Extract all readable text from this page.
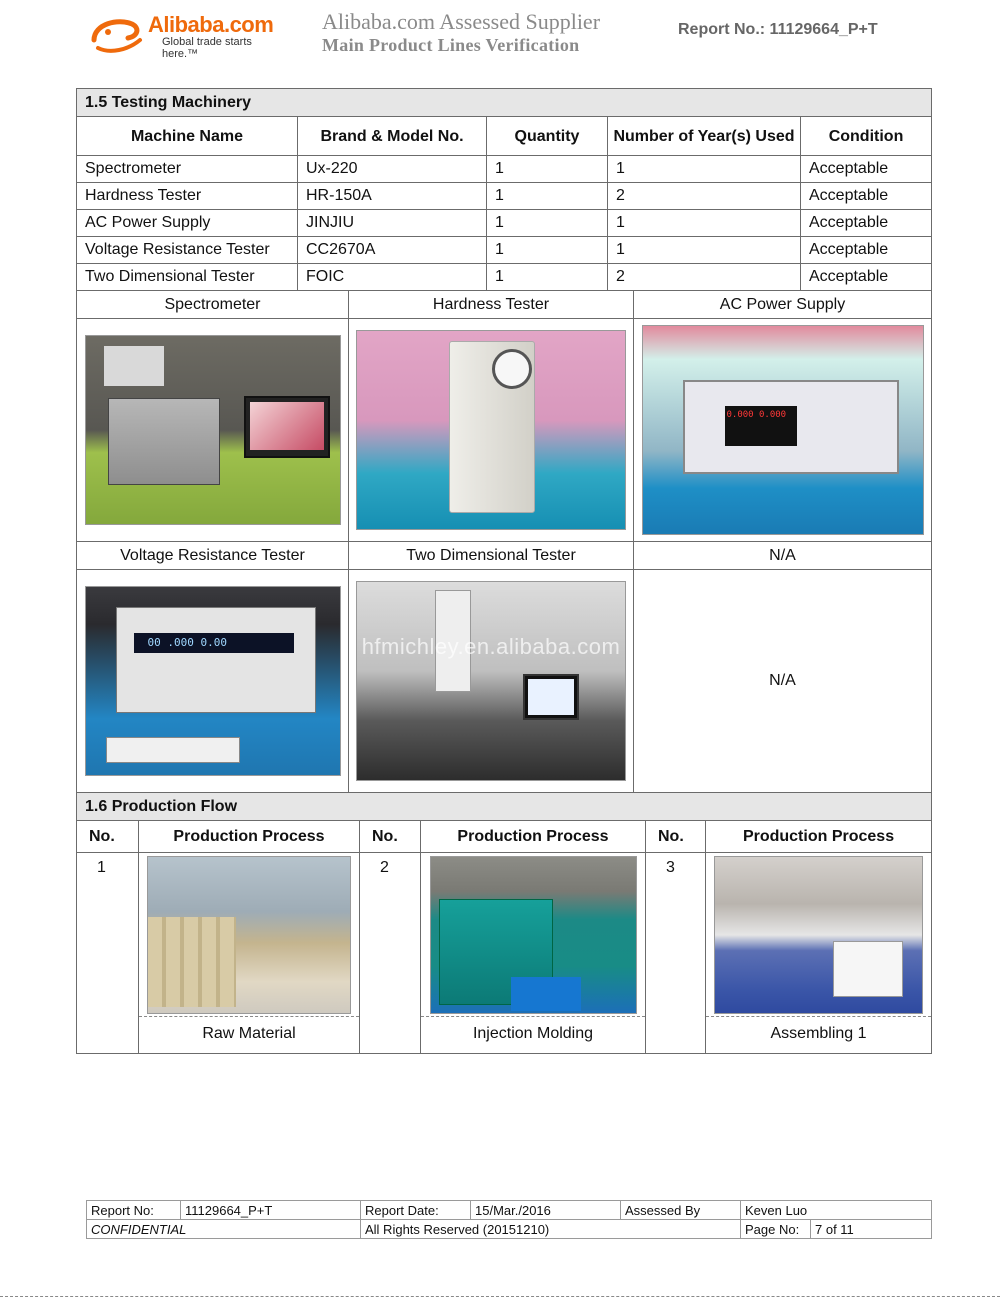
Alibaba.com
Global trade starts here.™
Alibaba.com Assessed Supplier
Main Product Lines Verification
Report No.: 11129664_P+T
1.5 Testing Machinery				
Machine Name	Brand & Model No.	Quantity	Number of Year(s) Used	Condition
Spectrometer	Ux-220	1	1	Acceptable
Hardness Tester	HR-150A	1	2	Acceptable
AC Power Supply	JINJIU	1	1	Acceptable
Voltage Resistance Tester	CC2670A	1	1	Acceptable
Two Dimensional Tester	FOIC	1	2	Acceptable
Spectrometer	Hardness Tester	AC Power Supply

0.000 0.000

Voltage Resistance Tester	Two Dimensional Tester	N/A

00 .000 0.00

hfmichley.en.alibaba.com	N/A
1.6 Production Flow					
No.	Production Process	No.	Production Process	No.	Production Process
1	Raw Material	2	Injection Molding	3	Assembling 1
Report No:	11129664_P+T	Report Date:	15/Mar./2016	Assessed By	Keven Luo	
CONFIDENTIAL		All Rights Reserved (20151210)			Page No:	7 of 11
